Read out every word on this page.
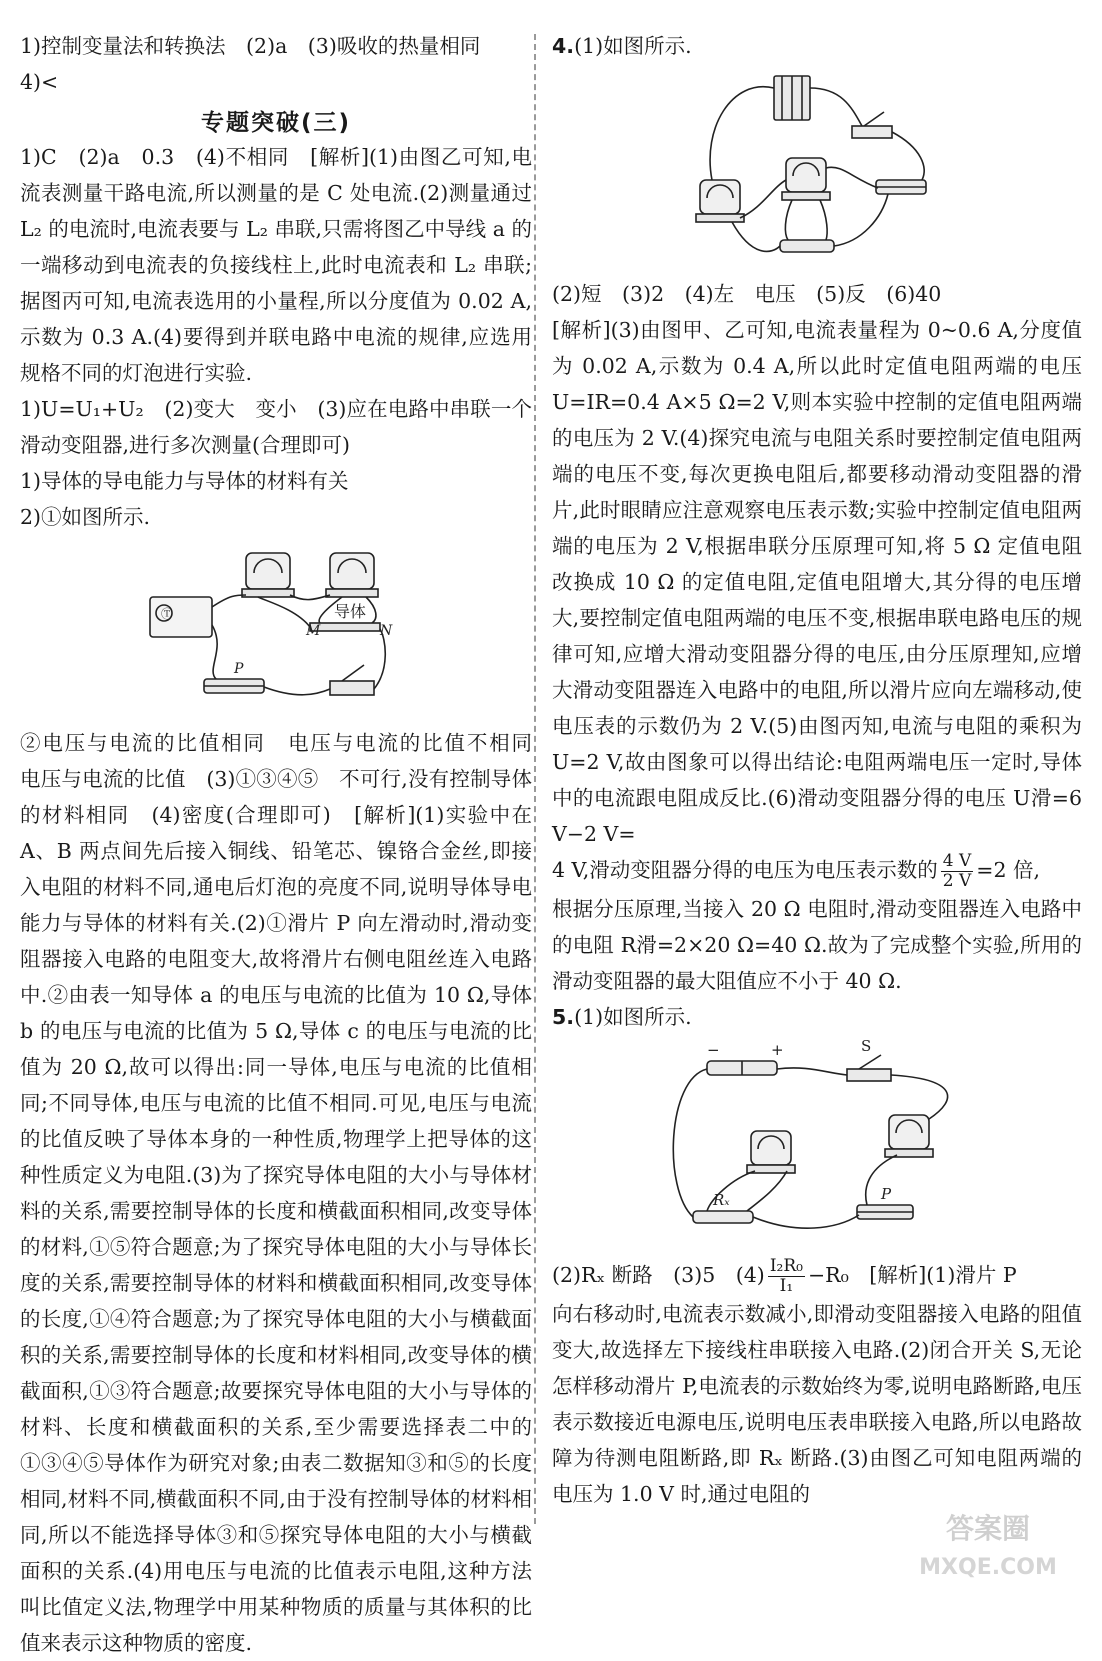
1)控制变量法和转换法　(2)a　(3)吸收的热量相同

4)<

专题突破(三)

1)C　(2)a　0.3　(4)不相同　[解析](1)由图乙可知,电流表测量干路电流,所以测量的是 C 处电流.(2)测量通过 L₂ 的电流时,电流表要与 L₂ 串联,只需将图乙中导线 a 的一端移动到电流表的负接线柱上,此时电流表和 L₂ 串联;据图丙可知,电流表选用的小量程,所以分度值为 0.02 A,示数为 0.3 A.(4)要得到并联电路中电流的规律,应选用规格不同的灯泡进行实验.

1)U=U₁+U₂　(2)变大　变小　(3)应在电路中串联一个滑动变阻器,进行多次测量(合理即可)

1)导体的导电能力与导体的材料有关

2)①如图所示.

Ⓣ	导体
M	N
P

②电压与电流的比值相同　电压与电流的比值不相同　电压与电流的比值　(3)①③④⑤　不可行,没有控制导体的材料相同　(4)密度(合理即可)　[解析](1)实验中在 A、B 两点间先后接入铜线、铅笔芯、镍铬合金丝,即接入电阻的材料不同,通电后灯泡的亮度不同,说明导体导电能力与导体的材料有关.(2)①滑片 P 向左滑动时,滑动变阻器接入电路的电阻变大,故将滑片右侧电阻丝连入电路中.②由表一知导体 a 的电压与电流的比值为 10 Ω,导体 b 的电压与电流的比值为 5 Ω,导体 c 的电压与电流的比值为 20 Ω,故可以得出:同一导体,电压与电流的比值相同;不同导体,电压与电流的比值不相同.可见,电压与电流的比值反映了导体本身的一种性质,物理学上把导体的这种性质定义为电阻.(3)为了探究导体电阻的大小与导体材料的关系,需要控制导体的长度和横截面积相同,改变导体的材料,①⑤符合题意;为了探究导体电阻的大小与导体长度的关系,需要控制导体的材料和横截面积相同,改变导体的长度,①④符合题意;为了探究导体电阻的大小与横截面积的关系,需要控制导体的长度和材料相同,改变导体的横截面积,①③符合题意;故要探究导体电阻的大小与导体的材料、长度和横截面积的关系,至少需要选择表二中的①③④⑤导体作为研究对象;由表二数据知③和⑤的长度相同,材料不同,横截面积不同,由于没有控制导体的材料相同,所以不能选择导体③和⑤探究导体电阻的大小与横截面积的关系.(4)用电压与电流的比值表示电阻,这种方法叫比值定义法,物理学中用某种物质的质量与其体积的比值来表示这种物质的密度.

4.(1)如图所示.

(2)短　(3)2　(4)左　电压　(5)反　(6)40

[解析](3)由图甲、乙可知,电流表量程为 0~0.6 A,分度值为 0.02 A,示数为 0.4 A,所以此时定值电阻两端的电压 U=IR=0.4 A×5 Ω=2 V,则本实验中控制的定值电阻两端的电压为 2 V.(4)探究电流与电阻关系时要控制定值电阻两端的电压不变,每次更换电阻后,都要移动滑动变阻器的滑片,此时眼睛应注意观察电压表示数;实验中控制定值电阻两端的电压为 2 V,根据串联分压原理可知,将 5 Ω 定值电阻改换成 10 Ω 的定值电阻,定值电阻增大,其分得的电压增大,要控制定值电阻两端的电压不变,根据串联电路电压的规律可知,应增大滑动变阻器分得的电压,由分压原理知,应增大滑动变阻器连入电路中的电阻,所以滑片应向左端移动,使电压表的示数仍为 2 V.(5)由图丙知,电流与电阻的乘积为 U=2 V,故由图象可以得出结论:电阻两端电压一定时,导体中的电流跟电阻成反比.(6)滑动变阻器分得的电压 U滑=6 V−2 V=

4 V,滑动变阻器分得的电压为电压表示数的 $\frac{4 V}{2 V} =2$ 倍,

根据分压原理,当接入 20 Ω 电阻时,滑动变阻器连入电路中的电阻 R滑=2×20 Ω=40 Ω.故为了完成整个实验,所用的滑动变阻器的最大阻值应不小于 40 Ω.

5.(1)如图所示.

−	+	S
Rₓ	P

(2)Rₓ 断路　(3)5　$(4) \frac{\text{I₂R₀}}{\text{I₁}} -R_0$　[解析](1)滑片 P

向右移动时,电流表示数减小,即滑动变阻器接入电路的阻值变大,故选择左下接线柱串联接入电路.(2)闭合开关 S,无论怎样移动滑片 P,电流表的示数始终为零,说明电路断路,电压表示数接近电源电压,说明电压表串联接入电路,所以电路故障为待测电阻断路,即 Rₓ 断路.(3)由图乙可知电阻两端的电压为 1.0 V 时,通过电阻的

答案圈
MXQE.COM
